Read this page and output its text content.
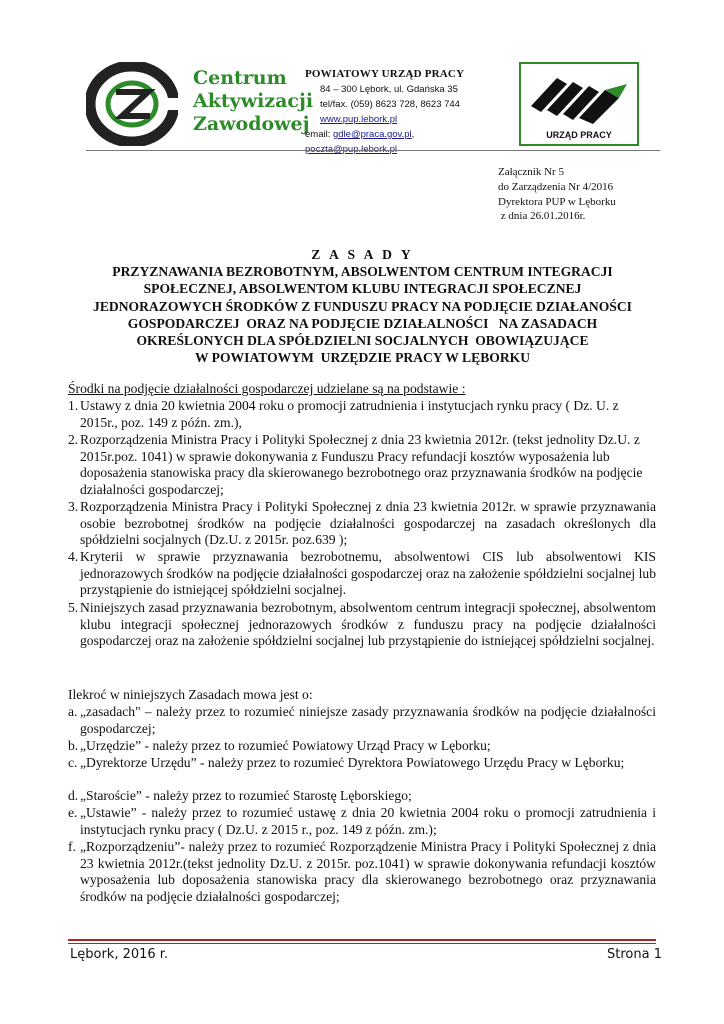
Centrum
Aktywizacji
Zawodowej
POWIATOWY URZĄD PRACY
84 – 300 Lębork, ul. Gdańska 35
tel/fax. (059) 8623 728, 8623 744
www.pup.lebork.pl
email: gdle@praca.gov.pl,	URZĄD PRACY
Załącznik Nr 5
do Zarządzenia Nr 4/2016
Dyrektora PUP w Lęborku
z dnia 26.01.2016r.
Z A S A D Y
PRZYZNAWANIA BEZROBOTNYM, ABSOLWENTOM CENTRUM INTEGRACJI
SPOŁECZNEJ, ABSOLWENTOM KLUBU INTEGRACJI SPOŁECZNEJ
JEDNORAZOWYCH ŚRODKÓW Z FUNDUSZU PRACY NA PODJĘCIE DZIAŁANOŚCI
GOSPODARCZEJ  ORAZ NA PODJĘCIE DZIAŁALNOŚCI   NA ZASADACH
OKREŚLONYCH DLA SPÓŁDZIELNI SOCJALNYCH  OBOWIĄZUJĄCE
W POWIATOWYM  URZĘDZIE PRACY W LĘBORKU
Środki na podjęcie działalności gospodarczej udzielane są na podstawie :
1. Ustawy z dnia 20 kwietnia 2004 roku o promocji zatrudnienia i instytucjach rynku pracy ( Dz. U. z 2015r., poz. 149 z późn. zm.),
2. Rozporządzenia Ministra Pracy i Polityki Społecznej z dnia 23 kwietnia 2012r. (tekst jednolity Dz.U. z 2015r.poz. 1041) w sprawie dokonywania z Funduszu Pracy refundacji kosztów wyposażenia lub doposażenia stanowiska pracy dla skierowanego bezrobotnego oraz przyznawania środków na podjęcie działalności gospodarczej;
3. Rozporządzenia Ministra Pracy i Polityki Społecznej z dnia 23 kwietnia 2012r. w sprawie przyznawania osobie bezrobotnej środków na podjęcie działalności gospodarczej na zasadach określonych dla spółdzielni socjalnych (Dz.U. z 2015r. poz.639 );
4. Kryterii w sprawie przyznawania bezrobotnemu, absolwentowi CIS lub absolwentowi KIS jednorazowych środków na podjęcie działalności gospodarczej oraz na założenie spółdzielni socjalnej lub przystąpienie do istniejącej spółdzielni socjalnej.
5. Niniejszych zasad przyznawania bezrobotnym, absolwentom centrum integracji społecznej, absolwentom klubu integracji społecznej jednorazowych środków z funduszu pracy na podjęcie działalności gospodarczej oraz na założenie spółdzielni socjalnej lub przystąpienie do istniejącej spółdzielni socjalnej.
Ilekroć w niniejszych Zasadach mowa jest o:
a. „zasadach" – należy przez to rozumieć niniejsze zasady przyznawania środków na podjęcie działalności gospodarczej;
b. „Urzędzie” - należy przez to rozumieć Powiatowy Urząd Pracy w Lęborku;
c. „Dyrektorze Urzędu” - należy przez to rozumieć Dyrektora Powiatowego Urzędu Pracy w Lęborku;
d. „Staroście” - należy przez to rozumieć Starostę Lęborskiego;
e. „Ustawie” - należy przez to rozumieć ustawę z dnia 20 kwietnia 2004 roku o promocji zatrudnienia i instytucjach rynku pracy ( Dz.U. z 2015 r., poz. 149 z późn. zm.);
f. „Rozporządzeniu”- należy przez to rozumieć Rozporządzenie Ministra Pracy i Polityki Społecznej z dnia 23 kwietnia 2012r.(tekst jednolity Dz.U. z 2015r. poz.1041) w sprawie dokonywania refundacji kosztów wyposażenia lub doposażenia stanowiska pracy dla skierowanego bezrobotnego oraz przyznawania środków na podjęcie działalności gospodarczej;
Lębork, 2016 r.	Strona 1
